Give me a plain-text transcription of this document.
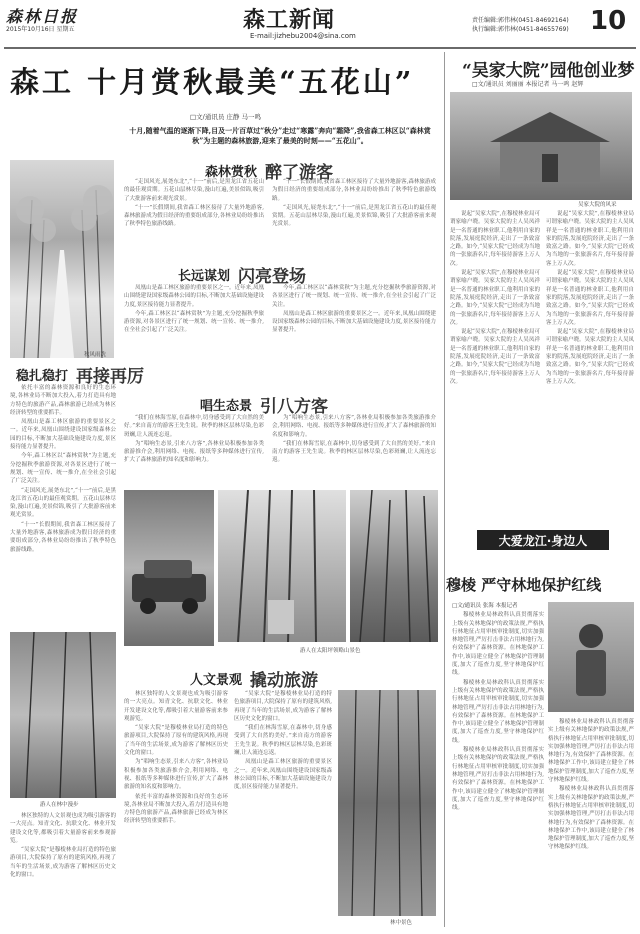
森林日报
2015年10月16日 星期五	森工新闻
E-mail:jizhebu2004@sina.com
责任编辑:郭伟林(0451-84692164)
执行编辑:郭伟林(0451-84655769) 10
森工 十月赏秋最美“五花山”
□文/通讯员 庄静 马一鸣
十月,随着气温的逐渐下降,目及一片百草过“秋分”走过“寒露”奔向“霜降”,我省森工林区以“森林赏秋”为主题的森林旅游,迎来了最美的时刻——“五花山”。
秋风雨洗
森林赏秋 醉了游客

“走国风光,展尧东北”,“十一”前后,是黑龙江省五花山的最佳观赏期。五花山层林尽染,漫山红遍,美景似锦,吸引了大批游客前来观光赏景。

“十一”长假期间,我省森工林区接待了大量外地游客,森林旅游成为假日经济的重要组成部分,各林业局纷纷推出了秋季特色旅游线路。

“十一”长假期间,我省森工林区接待了大量外地游客,森林旅游成为假日经济的重要组成部分,各林业局纷纷推出了秋季特色旅游线路。

“走国风光,展尧东北”,“十一”前后,是黑龙江省五花山的最佳观赏期。五花山层林尽染,漫山红遍,美景似锦,吸引了大批游客前来观光赏景。

长远谋划 闪亮登场

凤凰山是森工林区旅游的重要景区之一。近年来,凤凰山围绕建设国家级森林公园的目标,不断加大基础设施建设力度,景区接待能力显著提升。

今年,森工林区以“森林赏秋”为主题,充分挖掘秋季旅游资源,对各景区进行了统一规划、统一宣传、统一推介,在全社会引起了广泛关注。

今年,森工林区以“森林赏秋”为主题,充分挖掘秋季旅游资源,对各景区进行了统一规划、统一宣传、统一推介,在全社会引起了广泛关注。

凤凰山是森工林区旅游的重要景区之一。近年来,凤凰山围绕建设国家级森林公园的目标,不断加大基础设施建设力度,景区接待能力显著提升。

稳扎稳打 再接再厉

依托丰富的森林资源和良好的生态环境,各林业局不断加大投入,着力打造具有地方特色的旅游产品,森林旅游已经成为林区经济转型的重要抓手。

凤凰山是森工林区旅游的重要景区之一。近年来,凤凰山围绕建设国家级森林公园的目标,不断加大基础设施建设力度,景区接待能力显著提升。

今年,森工林区以“森林赏秋”为主题,充分挖掘秋季旅游资源,对各景区进行了统一规划、统一宣传、统一推介,在全社会引起了广泛关注。

“走国风光,展尧东北”,“十一”前后,是黑龙江省五花山的最佳观赏期。五花山层林尽染,漫山红遍,美景似锦,吸引了大批游客前来观光赏景。

“十一”长假期间,我省森工林区接待了大量外地游客,森林旅游成为假日经济的重要组成部分,各林业局纷纷推出了秋季特色旅游线路。

唱生态景 引八方客

“我们在林海雪原,在森林中,切身感受到了大自然的美好。”来自南方的游客王先生说。秋季的林区层林尽染,色彩斑斓,让人流连忘返。

为“唱响生态景,引来八方客”,各林业局积极参加各类旅游推介会,利用网络、电视、报纸等多种媒体进行宣传,扩大了森林旅游的知名度和影响力。

为“唱响生态景,引来八方客”,各林业局积极参加各类旅游推介会,利用网络、电视、报纸等多种媒体进行宣传,扩大了森林旅游的知名度和影响力。

“我们在林海雪原,在森林中,切身感受到了大自然的美好。”来自南方的游客王先生说。秋季的林区层林尽染,色彩斑斓,让人流连忘返。

游人在太阳坪领略山景色
游人在林中漫步
人文景观 撬动旅游

林区独特的人文景观也成为吸引游客的一大亮点。知青文化、抗联文化、林业开发建设文化等,都吸引着大量游客前来参观游览。

“吴家大院”是穆棱林业局打造的特色旅游项目,大院保持了原有的建筑风格,再现了当年的生活场景,成为游客了解林区历史文化的窗口。

林区独特的人文景观也成为吸引游客的一大亮点。知青文化、抗联文化、林业开发建设文化等,都吸引着大量游客前来参观游览。

“吴家大院”是穆棱林业局打造的特色旅游项目,大院保持了原有的建筑风格,再现了当年的生活场景,成为游客了解林区历史文化的窗口。

为“唱响生态景,引来八方客”,各林业局积极参加各类旅游推介会,利用网络、电视、报纸等多种媒体进行宣传,扩大了森林旅游的知名度和影响力。

依托丰富的森林资源和良好的生态环境,各林业局不断加大投入,着力打造具有地方特色的旅游产品,森林旅游已经成为林区经济转型的重要抓手。

“吴家大院”是穆棱林业局打造的特色旅游项目,大院保持了原有的建筑风格,再现了当年的生活场景,成为游客了解林区历史文化的窗口。

“我们在林海雪原,在森林中,切身感受到了大自然的美好。”来自南方的游客王先生说。秋季的林区层林尽染,色彩斑斓,让人流连忘返。

凤凰山是森工林区旅游的重要景区之一。近年来,凤凰山围绕建设国家级森林公园的目标,不断加大基础设施建设力度,景区接待能力显著提升。

林中景色
“吴家大院”园他创业梦
□文/通讯员 刘丽丽 本报记者 马一鸣 赵辉
吴家大院的风采

说起“吴家大院”,在穆棱林业局可谓家喻户晓。吴家大院的主人吴凤祥是一名普通的林业职工,他利用自家的院落,发展庭院经济,走出了一条致富之路。如今,“吴家大院”已经成为当地的一张旅游名片,每年接待游客上万人次。

说起“吴家大院”,在穆棱林业局可谓家喻户晓。吴家大院的主人吴凤祥是一名普通的林业职工,他利用自家的院落,发展庭院经济,走出了一条致富之路。如今,“吴家大院”已经成为当地的一张旅游名片,每年接待游客上万人次。

说起“吴家大院”,在穆棱林业局可谓家喻户晓。吴家大院的主人吴凤祥是一名普通的林业职工,他利用自家的院落,发展庭院经济,走出了一条致富之路。如今,“吴家大院”已经成为当地的一张旅游名片,每年接待游客上万人次。

说起“吴家大院”,在穆棱林业局可谓家喻户晓。吴家大院的主人吴凤祥是一名普通的林业职工,他利用自家的院落,发展庭院经济,走出了一条致富之路。如今,“吴家大院”已经成为当地的一张旅游名片,每年接待游客上万人次。

说起“吴家大院”,在穆棱林业局可谓家喻户晓。吴家大院的主人吴凤祥是一名普通的林业职工,他利用自家的院落,发展庭院经济,走出了一条致富之路。如今,“吴家大院”已经成为当地的一张旅游名片,每年接待游客上万人次。

说起“吴家大院”,在穆棱林业局可谓家喻户晓。吴家大院的主人吴凤祥是一名普通的林业职工,他利用自家的院落,发展庭院经济,走出了一条致富之路。如今,“吴家大院”已经成为当地的一张旅游名片,每年接待游客上万人次。

大爱龙江·身边人
穆棱 严守林地保护红线

□文/通讯员 张海 本报记者

穆棱林业局林政科认真贯彻落实上级有关林地保护的政策法规,严格执行林地征占用审核审批制度,切实加强林地管理,严厉打击非法占用林地行为,有效保护了森林资源。在林地保护工作中,该局建立健全了林地保护管理制度,加大了巡查力度,坚守林地保护红线。

穆棱林业局林政科认真贯彻落实上级有关林地保护的政策法规,严格执行林地征占用审核审批制度,切实加强林地管理,严厉打击非法占用林地行为,有效保护了森林资源。在林地保护工作中,该局建立健全了林地保护管理制度,加大了巡查力度,坚守林地保护红线。

穆棱林业局林政科认真贯彻落实上级有关林地保护的政策法规,严格执行林地征占用审核审批制度,切实加强林地管理,严厉打击非法占用林地行为,有效保护了森林资源。在林地保护工作中,该局建立健全了林地保护管理制度,加大了巡查力度,坚守林地保护红线。

穆棱林业局林政科认真贯彻落实上级有关林地保护的政策法规,严格执行林地征占用审核审批制度,切实加强林地管理,严厉打击非法占用林地行为,有效保护了森林资源。在林地保护工作中,该局建立健全了林地保护管理制度,加大了巡查力度,坚守林地保护红线。

穆棱林业局林政科认真贯彻落实上级有关林地保护的政策法规,严格执行林地征占用审核审批制度,切实加强林地管理,严厉打击非法占用林地行为,有效保护了森林资源。在林地保护工作中,该局建立健全了林地保护管理制度,加大了巡查力度,坚守林地保护红线。
